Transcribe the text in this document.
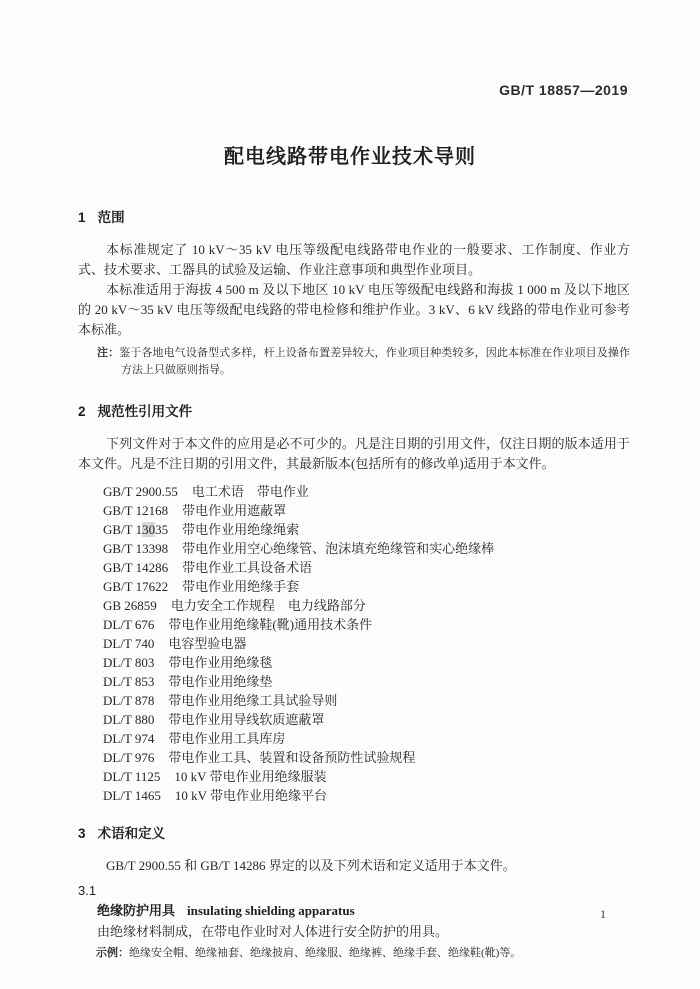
GB/T 18857—2019
配电线路带电作业技术导则
1 范围

本标准规定了 10 kV～35 kV 电压等级配电线路带电作业的一般要求、工作制度、作业方式、技术要求、工器具的试验及运输、作业注意事项和典型作业项目。

本标准适用于海拔 4 500 m 及以下地区 10 kV 电压等级配电线路和海拔 1 000 m 及以下地区的 20 kV～35 kV 电压等级配电线路的带电检修和维护作业。3 kV、6 kV 线路的带电作业可参考本标准。

注：鉴于各地电气设备型式多样，杆上设备布置差异较大，作业项目种类较多，因此本标准在作业项目及操作方法上只做原则指导。

2 规范性引用文件

下列文件对于本文件的应用是必不可少的。凡是注日期的引用文件，仅注日期的版本适用于本文件。凡是不注日期的引用文件，其最新版本(包括所有的修改单)适用于本文件。

GB/T 2900.55 电工术语　带电作业
GB/T 12168 带电作业用遮蔽罩
GB/T 13035 带电作业用绝缘绳索
GB/T 13398 带电作业用空心绝缘管、泡沫填充绝缘管和实心绝缘棒
GB/T 14286 带电作业工具设备术语
GB/T 17622 带电作业用绝缘手套
GB 26859 电力安全工作规程　电力线路部分
DL/T 676 带电作业用绝缘鞋(靴)通用技术条件
DL/T 740 电容型验电器
DL/T 803 带电作业用绝缘毯
DL/T 853 带电作业用绝缘垫
DL/T 878 带电作业用绝缘工具试验导则
DL/T 880 带电作业用导线软质遮蔽罩
DL/T 974 带电作业用工具库房
DL/T 976 带电作业工具、装置和设备预防性试验规程
DL/T 1125 10 kV 带电作业用绝缘服装
DL/T 1465 10 kV 带电作业用绝缘平台
3 术语和定义

GB/T 2900.55 和 GB/T 14286 界定的以及下列术语和定义适用于本文件。

3.1

绝缘防护用具 insulating shielding apparatus

由绝缘材料制成，在带电作业时对人体进行安全防护的用具。

示例：绝缘安全帽、绝缘袖套、绝缘披肩、绝缘服、绝缘裤、绝缘手套、绝缘鞋(靴)等。

1
